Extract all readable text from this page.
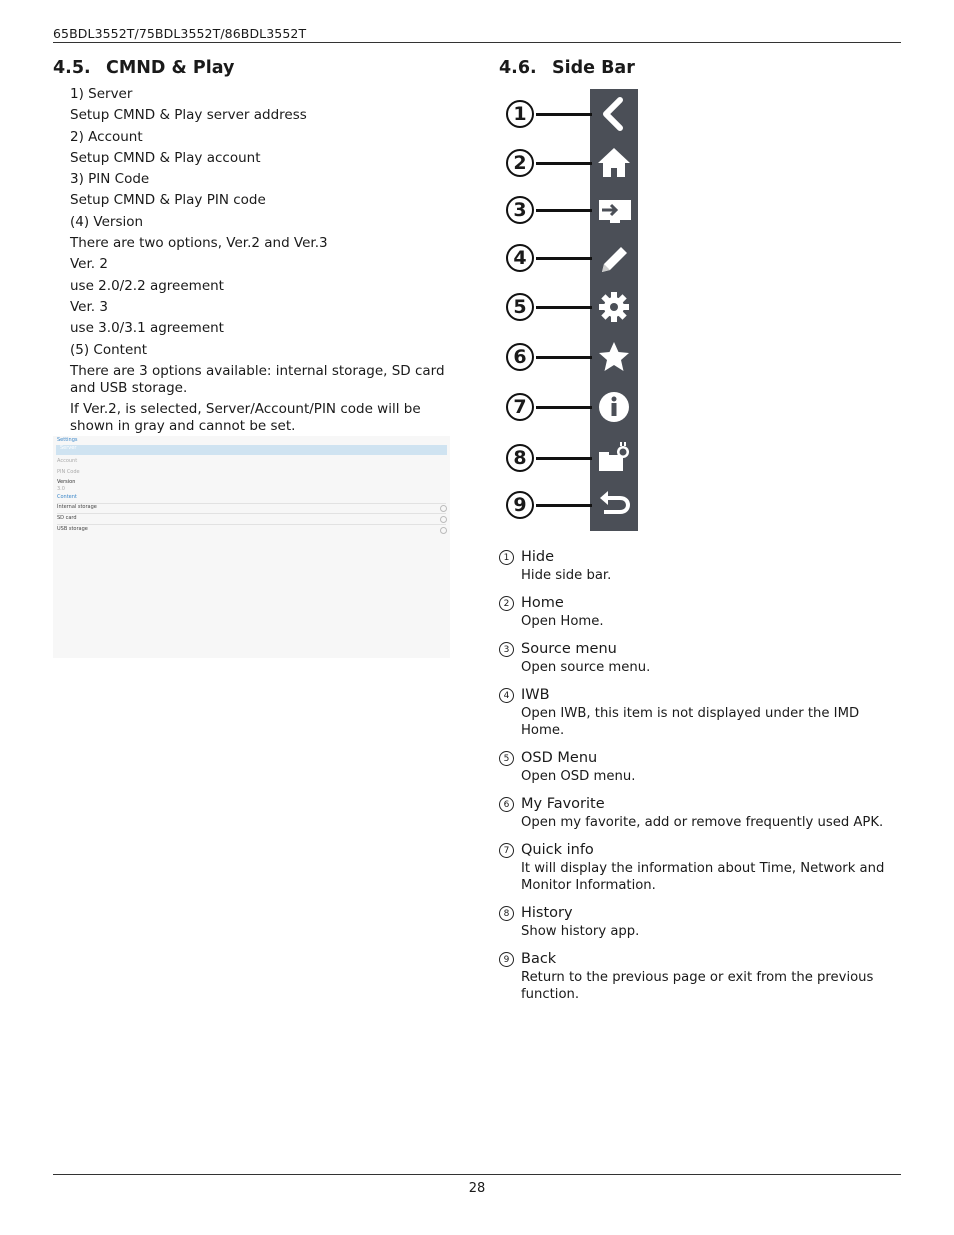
65BDL3552T/75BDL3552T/86BDL3552T
4.5. CMND & Play
1) Server
Setup CMND & Play server address
2) Account
Setup CMND & Play account
3) PIN Code
Setup CMND & Play PIN code
(4) Version
There are two options, Ver.2 and Ver.3
Ver. 2
use 2.0/2.2 agreement
Ver. 3
use 3.0/3.1 agreement
(5) Content
There are 3 options available: internal storage, SD card and USB storage.
If Ver.2, is selected, Server/Account/PIN code will be shown in gray and cannot be set.
Settings
Server
Account
PIN Code
Version
3.0
Content
Internal storage
SD card
USB storage
4.6. Side Bar
1
2
3
4
5
6
7
8
9
1 Hide
Hide side bar.
2 Home
Open Home.
3 Source menu
Open source menu.
4 IWB
Open IWB, this item is not displayed under the IMD Home.
5 OSD Menu
Open OSD menu.
6 My Favorite
Open my favorite, add or remove frequently used APK.
7 Quick info
It will display the information about Time, Network and Monitor Information.
8 History
Show history app.
9 Back
Return to the previous page or exit from the previous function.
28
